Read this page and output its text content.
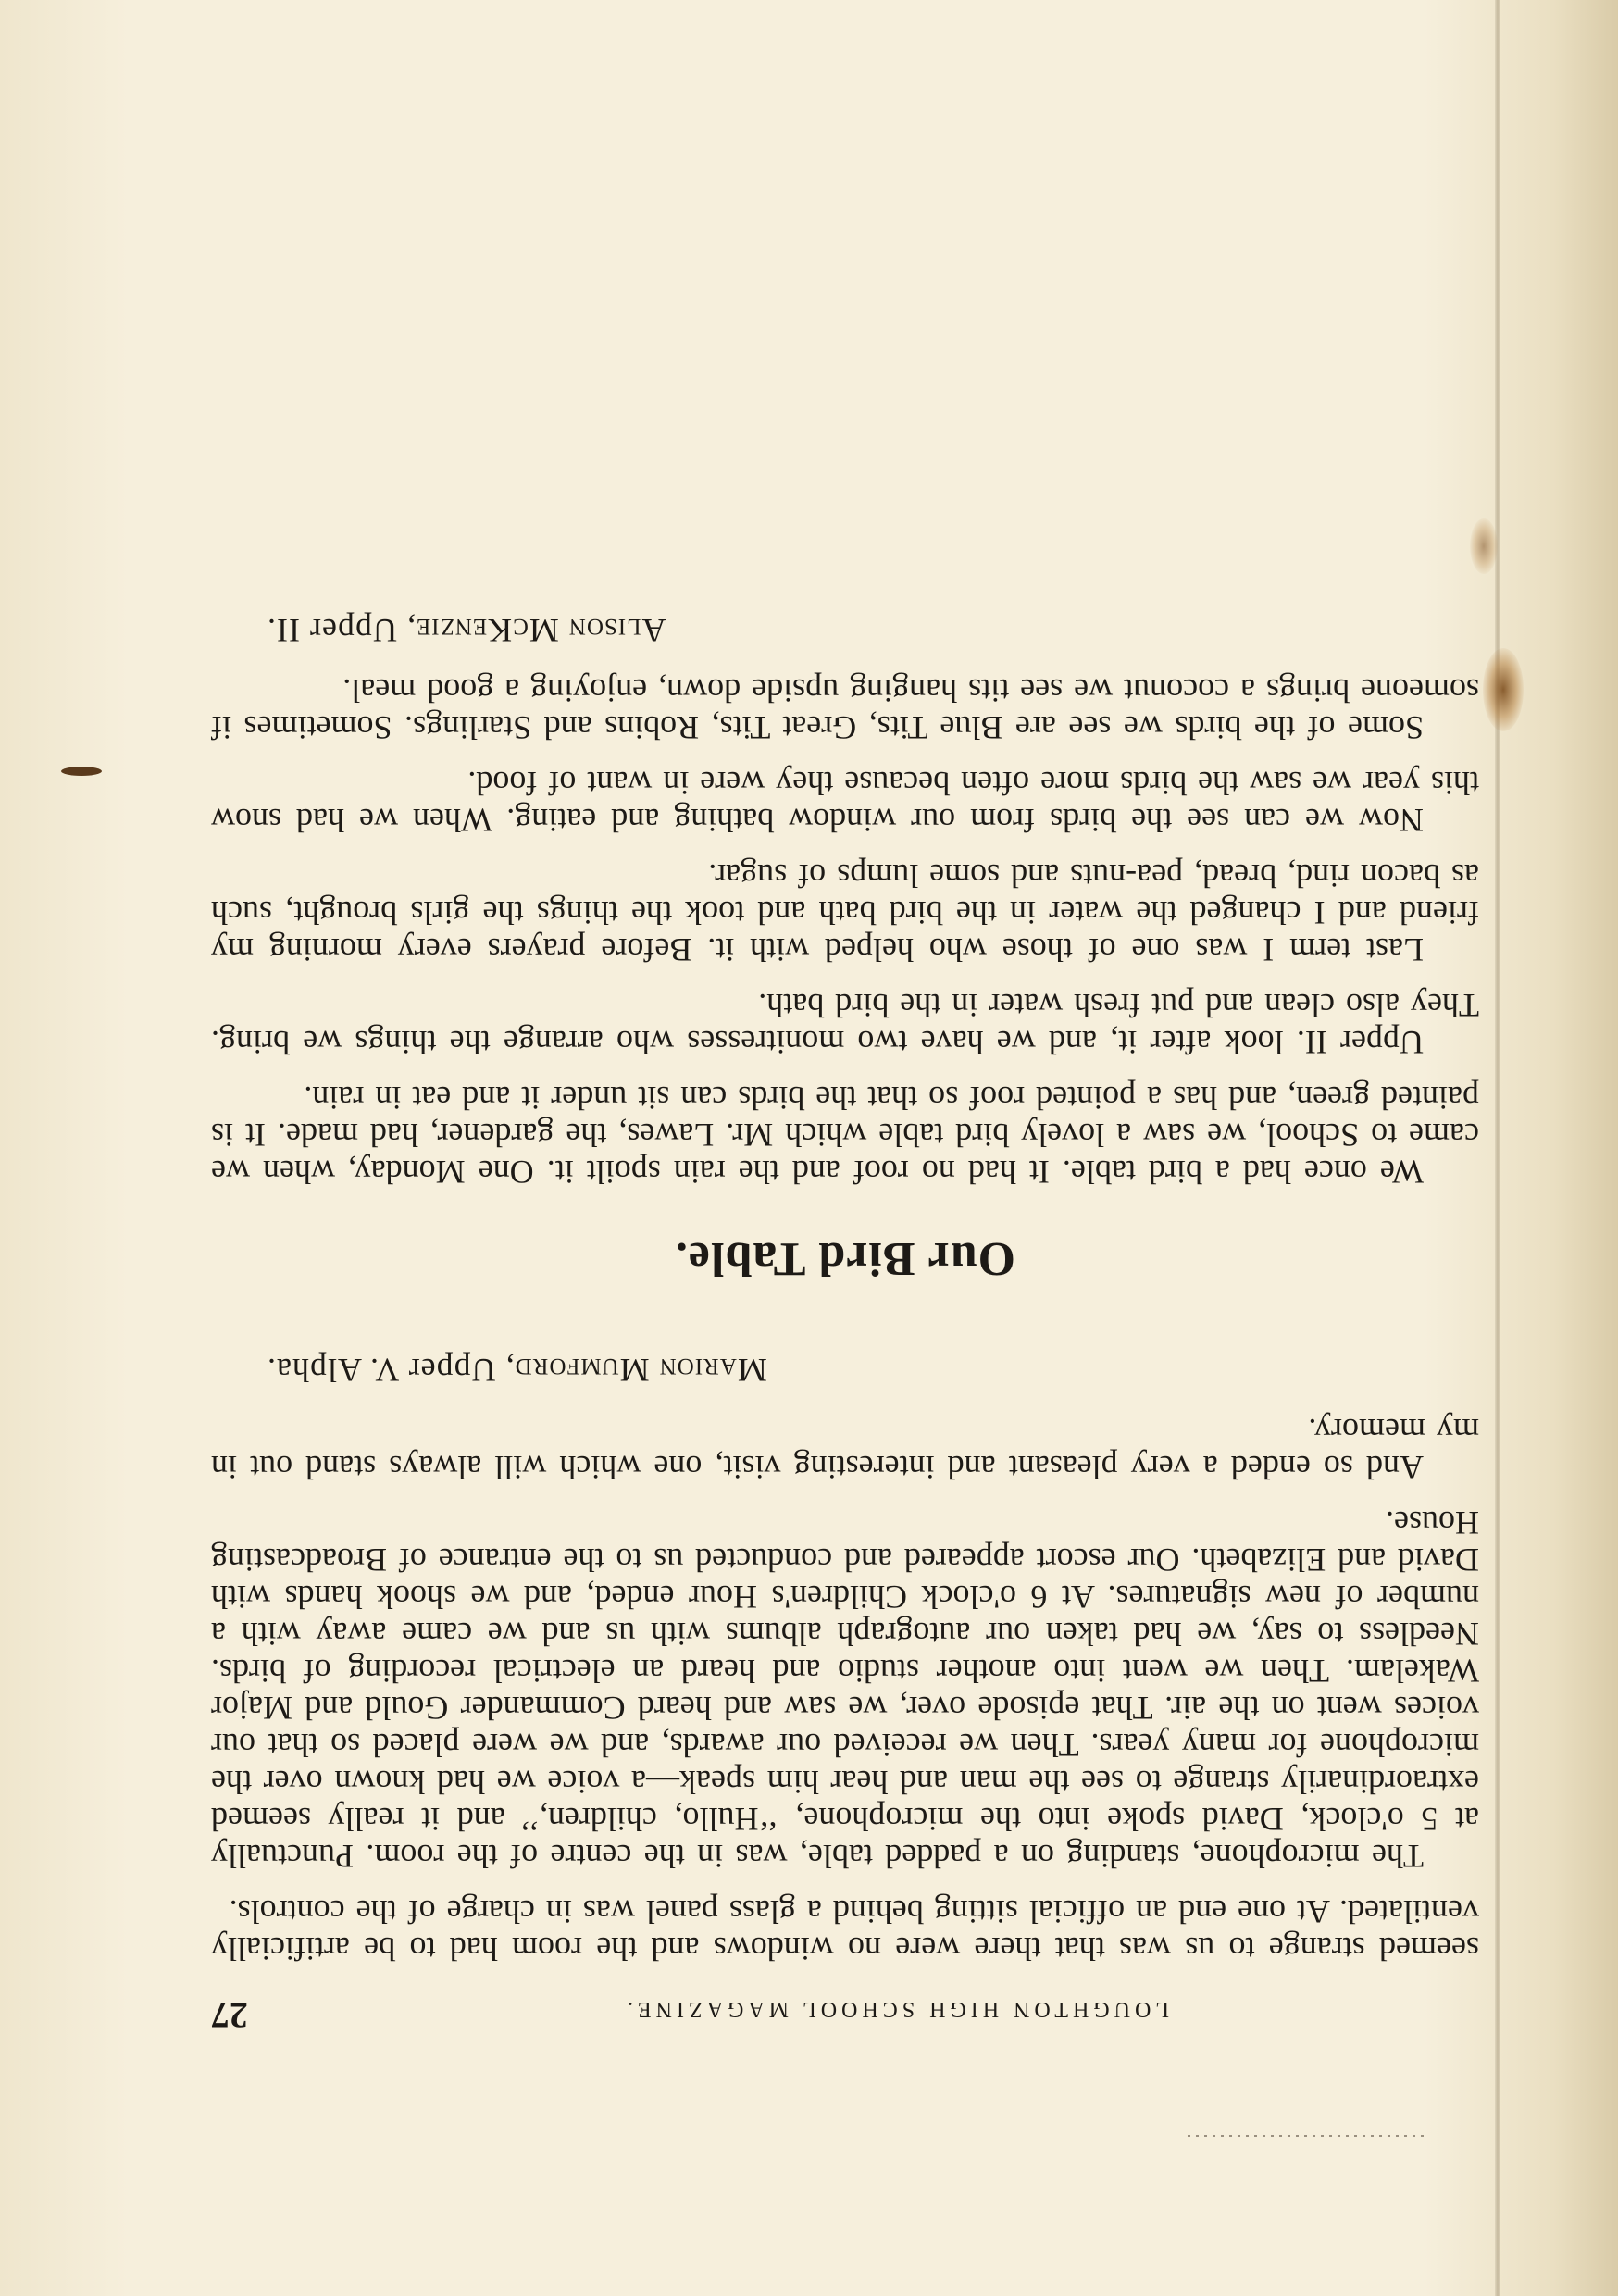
LOUGHTON HIGH SCHOOL MAGAZINE.
27

seemed strange to us was that there were no windows and the room had to be artificially ventilated. At one end an official sitting behind a glass panel was in charge of the controls.

The microphone, standing on a padded table, was in the centre of the room. Punctually at 5 o'clock, David spoke into the microphone, ‘‘Hullo, children,’’ and it really seemed extraordinarily strange to see the man and hear him speak—a voice we had known over the microphone for many years. Then we received our awards, and we were placed so that our voices went on the air. That episode over, we saw and heard Commander Gould and Major Wakelam. Then we went into another studio and heard an electrical recording of birds. Needless to say, we had taken our autograph albums with us and we came away with a number of new signatures. At 6 o'clock Children's Hour ended, and we shook hands with David and Elizabeth. Our escort appeared and conducted us to the entrance of Broadcasting House.

And so ended a very pleasant and interesting visit, one which will always stand out in my memory.

Marion Mumford, Upper V. Alpha.
Our Bird Table.

We once had a bird table. It had no roof and the rain spoilt it. One Monday, when we came to School, we saw a lovely bird table which Mr. Lawes, the gardener, had made. It is painted green, and has a pointed roof so that the birds can sit under it and eat in rain.

Upper II. look after it, and we have two monitresses who arrange the things we bring. They also clean and put fresh water in the bird bath.

Last term I was one of those who helped with it. Before prayers every morning my friend and I changed the water in the bird bath and took the things the girls brought, such as bacon rind, bread, pea-nuts and some lumps of sugar.

Now we can see the birds from our window bathing and eating. When we had snow this year we saw the birds more often because they were in want of food.

Some of the birds we see are Blue Tits, Great Tits, Robins and Starlings. Sometimes if someone brings a coconut we see tits hanging upside down, enjoying a good meal.

Alison McKenzie, Upper II.
